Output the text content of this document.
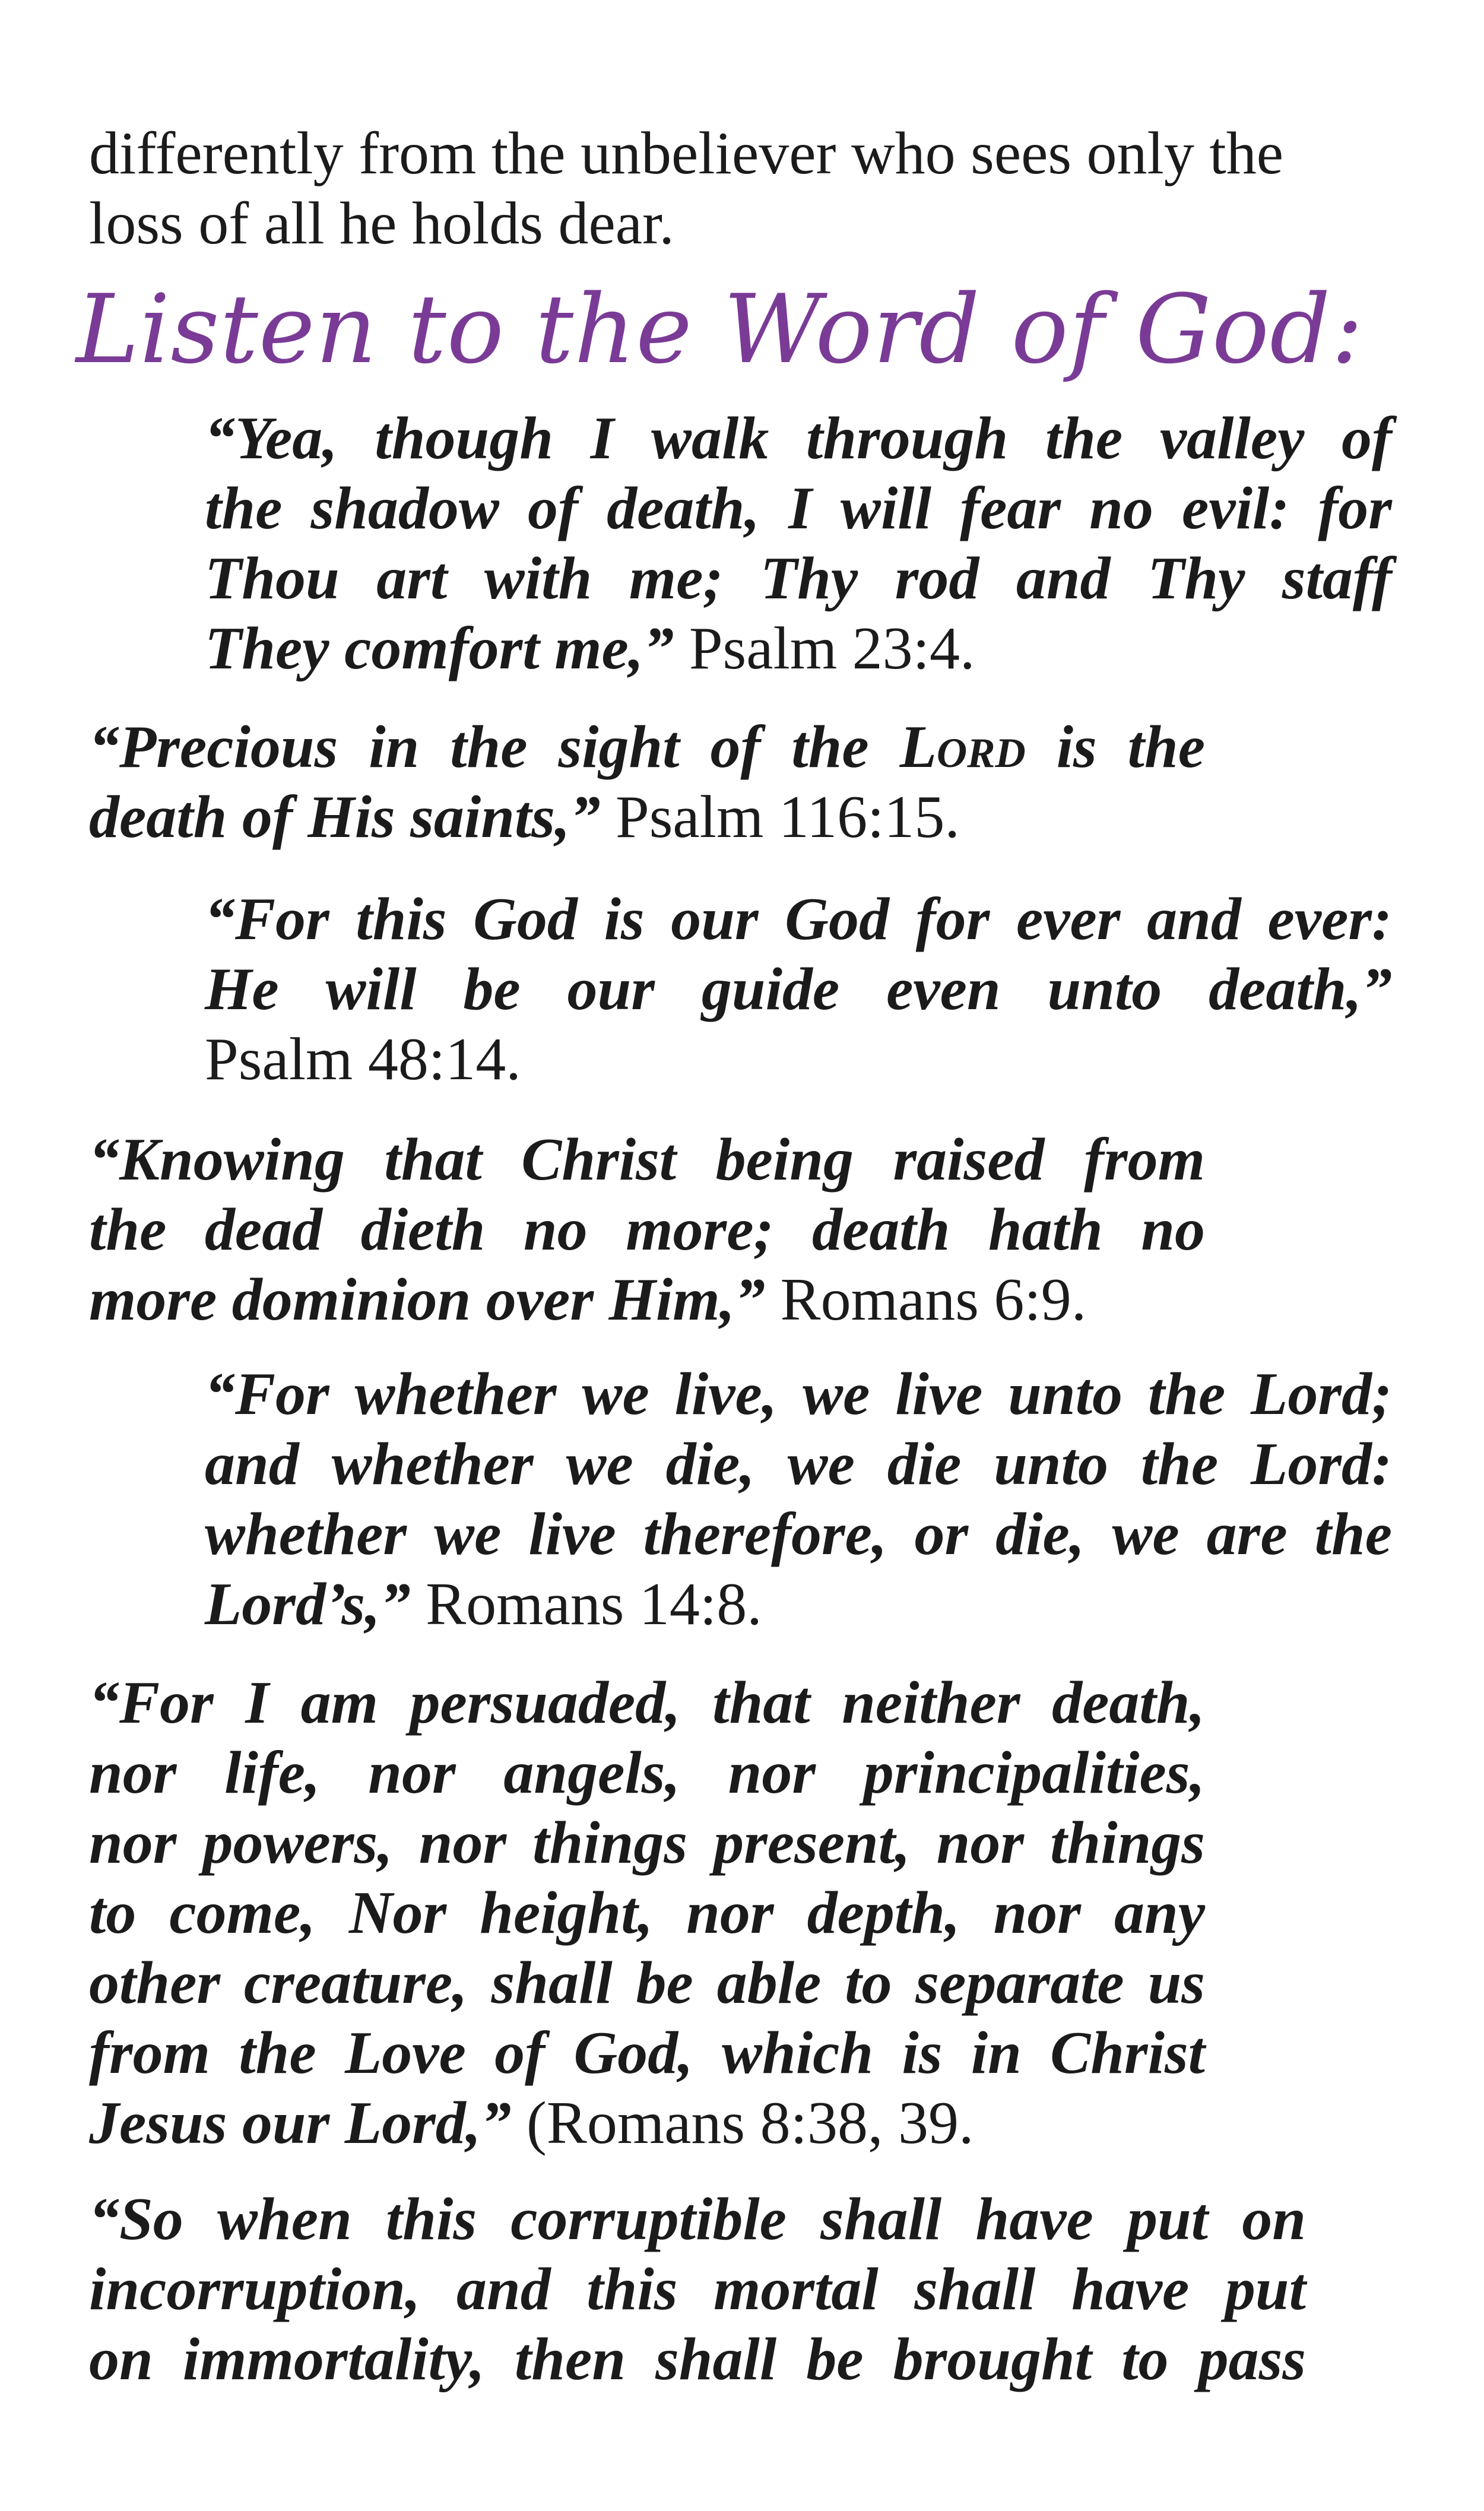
differently from the unbeliever who sees only the
loss of all he holds dear.
Listen to the Word of God:
“Yea, though I walk through the valley of
the shadow of death, I will fear no evil: for
Thou art with me; Thy rod and Thy staff
They comfort me,” Psalm 23:4.
“Precious in the sight of the Lord is the
death of His saints,” Psalm 116:15.
“For this God is our God for ever and ever:
He will be our guide even unto death,”
Psalm 48:14.
“Knowing that Christ being raised from
the dead dieth no more; death hath no
more dominion over Him,” Romans 6:9.
“For whether we live, we live unto the Lord;
and whether we die, we die unto the Lord:
whether we live therefore, or die, we are the
Lord’s,” Romans 14:8.
“For I am persuaded, that neither death,
nor life, nor angels, nor principalities,
nor powers, nor things present, nor things
to come, Nor height, nor depth, nor any
other creature, shall be able to separate us
from the Love of God, which is in Christ
Jesus our Lord,” (Romans 8:38, 39.
“So when this corruptible shall have put on
incorruption, and this mortal shall have put
on immortality, then shall be brought to pass
